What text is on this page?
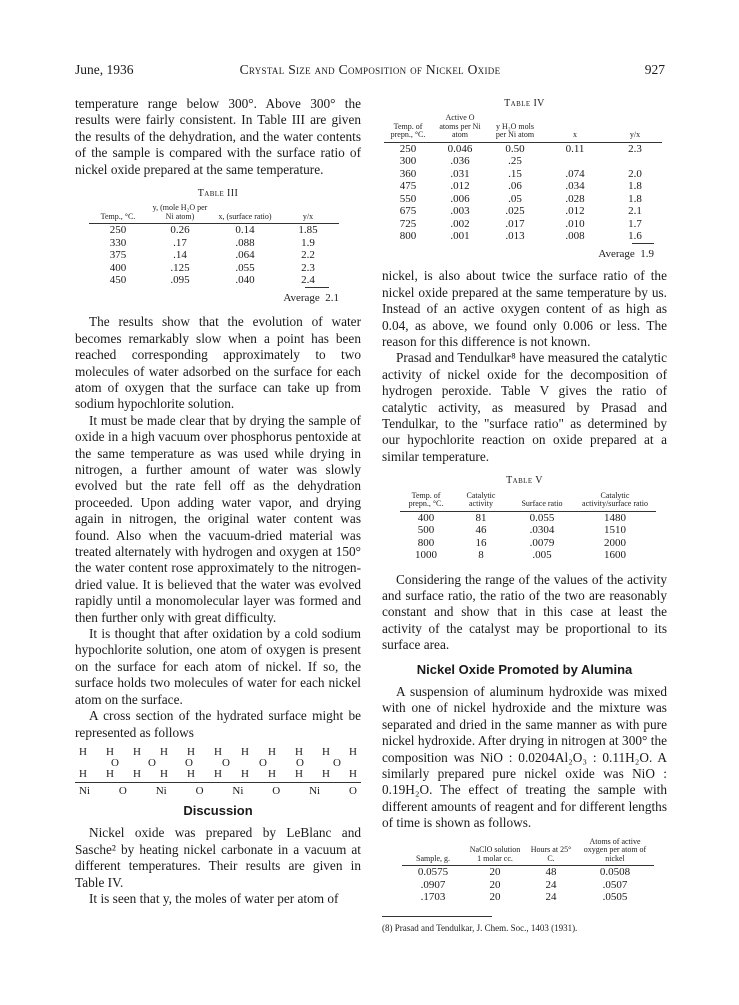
June, 1936	Crystal Size and Composition of Nickel Oxide	927

temperature range below 300°. Above 300° the results were fairly consistent. In Table III are given the results of the dehydration, and the water contents of the sample is compared with the surface ratio of nickel oxide prepared at the same temperature.

Table III
Temp., °C.	y, (mole H₂O per Ni atom)	x, (surface ratio)	y/x
250	0.26	0.14	1.85
330	.17	.088	1.9
375	.14	.064	2.2
400	.125	.055	2.3
450	.095	.040	2.4
Average 2.1

The results show that the evolution of water becomes remarkably slow when a point has been reached corresponding approximately to two molecules of water adsorbed on the surface for each atom of oxygen that the surface can take up from sodium hypochlorite solution.

It must be made clear that by drying the sample of oxide in a high vacuum over phosphorus pentoxide at the same temperature as was used while drying in nitrogen, a further amount of water was slowly evolved but the rate fell off as the dehydration proceeded. Upon adding water vapor, and drying again in nitrogen, the original water content was found. Also when the vacuum-dried material was treated alternately with hydrogen and oxygen at 150° the water content rose approximately to the nitrogen-dried value. It is believed that the water was evolved rapidly until a monomolecular layer was formed and then further only with great difficulty.

It is thought that after oxidation by a cold sodium hypochlorite solution, one atom of oxygen is present on the surface for each atom of nickel. If so, the surface holds two molecules of water for each nickel atom on the surface.

A cross section of the hydrated surface might be represented as follows

H H H H H H H H H H H
O	O	O	O	O	O	O
H H H H H H H H H H H
Ni	O	Ni	O	Ni	O	Ni	O
Discussion

Nickel oxide was prepared by LeBlanc and Sasche² by heating nickel carbonate in a vacuum at different temperatures. Their results are given in Table IV.

It is seen that y, the moles of water per atom of

Table IV
Temp. of prepn., °C.	Active O atoms per Ni atom	y H₂O mols per Ni atom	x	y/x
250	0.046	0.50	0.11	2.3
300	.036	.25		
360	.031	.15	.074	2.0
475	.012	.06	.034	1.8
550	.006	.05	.028	1.8
675	.003	.025	.012	2.1
725	.002	.017	.010	1.7
800	.001	.013	.008	1.6
Average 1.9

nickel, is also about twice the surface ratio of the nickel oxide prepared at the same temperature by us. Instead of an active oxygen content of as high as 0.04, as above, we found only 0.006 or less. The reason for this difference is not known.

Prasad and Tendulkar⁸ have measured the catalytic activity of nickel oxide for the decomposition of hydrogen peroxide. Table V gives the ratio of catalytic activity, as measured by Prasad and Tendulkar, to the "surface ratio" as determined by our hypochlorite reaction on oxide prepared at a similar temperature.

Table V
Temp. of prepn., °C.	Catalytic activity	Surface ratio	Catalytic activity/surface ratio
400	81	0.055	1480
500	46	.0304	1510
800	16	.0079	2000
1000	8	.005	1600

Considering the range of the values of the activity and surface ratio, the ratio of the two are reasonably constant and show that in this case at least the activity of the catalyst may be proportional to its surface area.

Nickel Oxide Promoted by Alumina

A suspension of aluminum hydroxide was mixed with one of nickel hydroxide and the mixture was separated and dried in the same manner as with pure nickel hydroxide. After drying in nitrogen at 300° the composition was NiO : 0.0204Al₂O₃ : 0.11H₂O. A similarly prepared pure nickel oxide was NiO : 0.19H₂O. The effect of treating the sample with different amounts of reagent and for different lengths of time is shown as follows.

Sample, g.	NaClO solution 1 molar cc.	Hours at 25° C.	Atoms of active oxygen per atom of nickel
0.0575	20	48	0.0508
.0907	20	24	.0507
.1703	20	24	.0505
(8) Prasad and Tendulkar, J. Chem. Soc., 1403 (1931).
